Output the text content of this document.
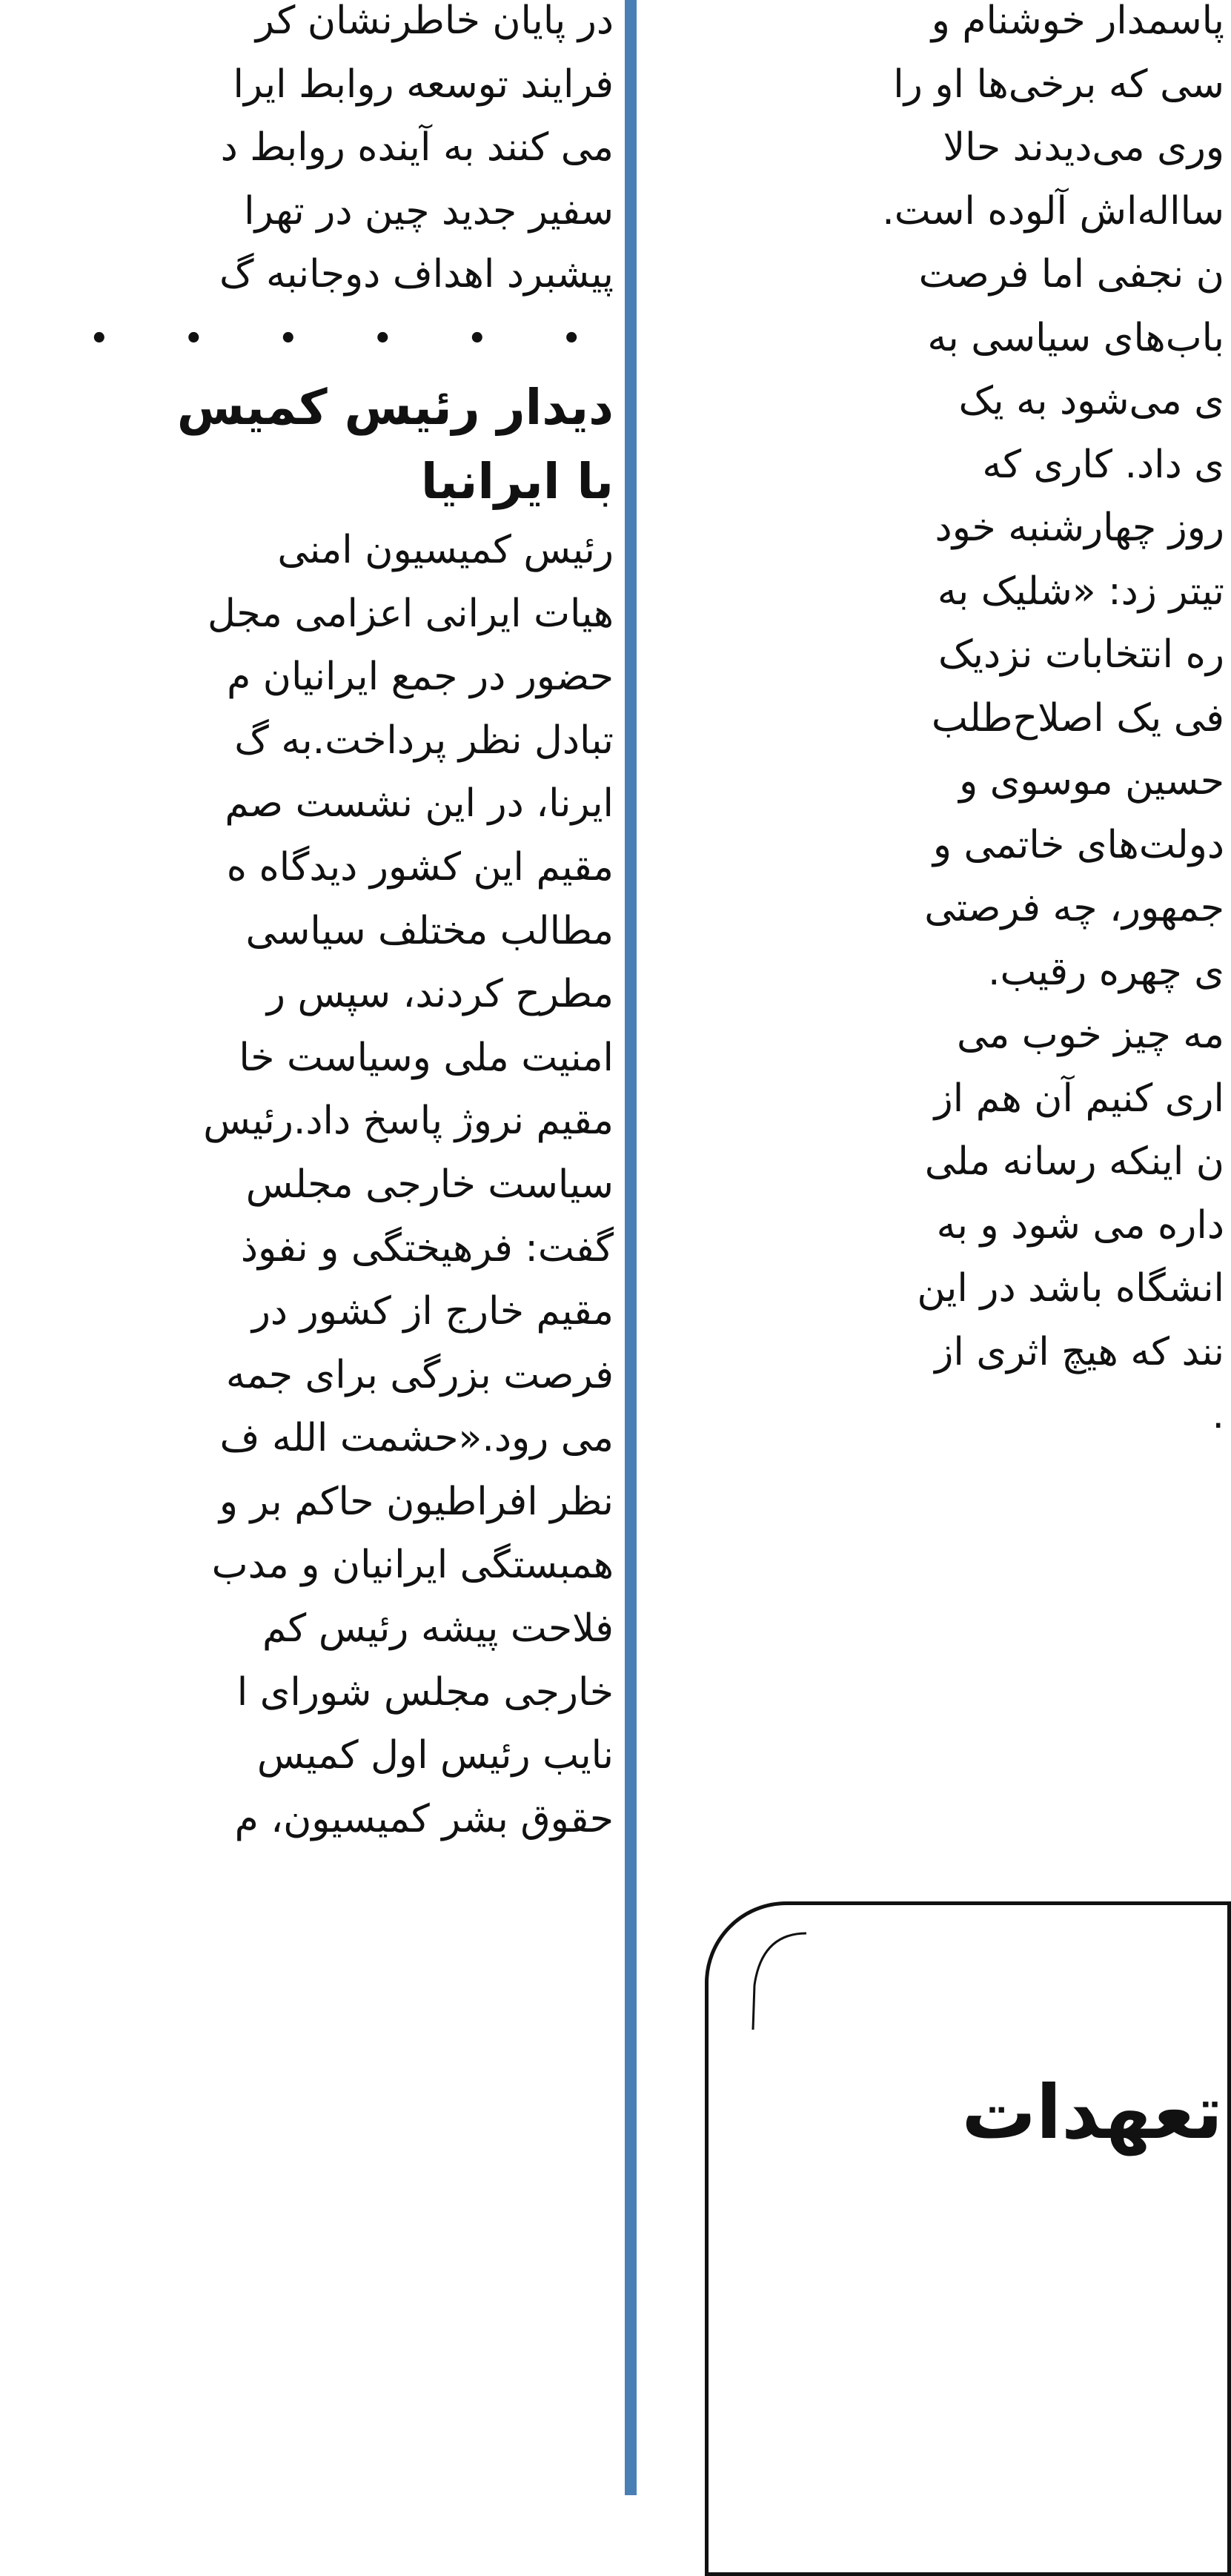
پاسمدار خوشنام و
سی که برخی‌ها او را
وری می‌دیدند حالا
سااله‌اش آلوده است.
ن نجفی اما فرصت
باب‌های سیاسی به
ی می‌شود به یک
ی داد. کاری که
روز چهارشنبه خود
تیتر زد: «شلیک به
ره انتخابات نزدیک
فی یک اصلاح‌طلب
حسین موسوی و
دولت‌های خاتمی و
جمهور، چه فرصتی
ی چهره رقیب.
مه چیز خوب می
اری کنیم آن هم از
ن اینکه رسانه ملی
داره می شود و به
انشگاه باشد در این
نند که هیچ اثری از
.
در پایان خاطرنشان کر
فرایند توسعه روابط ایرا
می کنند به آینده روابط د
سفیر جدید چین در تهرا
پیشبرد اهداف دوجانبه گ
• • • • • •
دیدار رئیس کمیس
با ایرانیا
رئیس کمیسیون امنی
هیات ایرانی اعزامی مجل
حضور در جمع ایرانیان م
تبادل نظر پرداخت.به گ
ایرنا، در این نشست صم
مقیم این کشور دیدگاه ه
مطالب مختلف سیاسی
مطرح کردند، سپس ر
امنیت ملی وسیاست خا
مقیم نروژ پاسخ داد.رئیس
سیاست خارجی مجلس
گفت: فرهیختگی و نفوذ
مقیم خارج از کشور در
فرصت بزرگی برای جمه
می رود.«حشمت الله ف
نظر افراطیون حاکم بر و
همبستگی ایرانیان و مدب
فلاحت پیشه رئیس کم
خارجی مجلس شورای ا
نایب رئیس اول کمیس
حقوق بشر کمیسیون، م
تعهدات
